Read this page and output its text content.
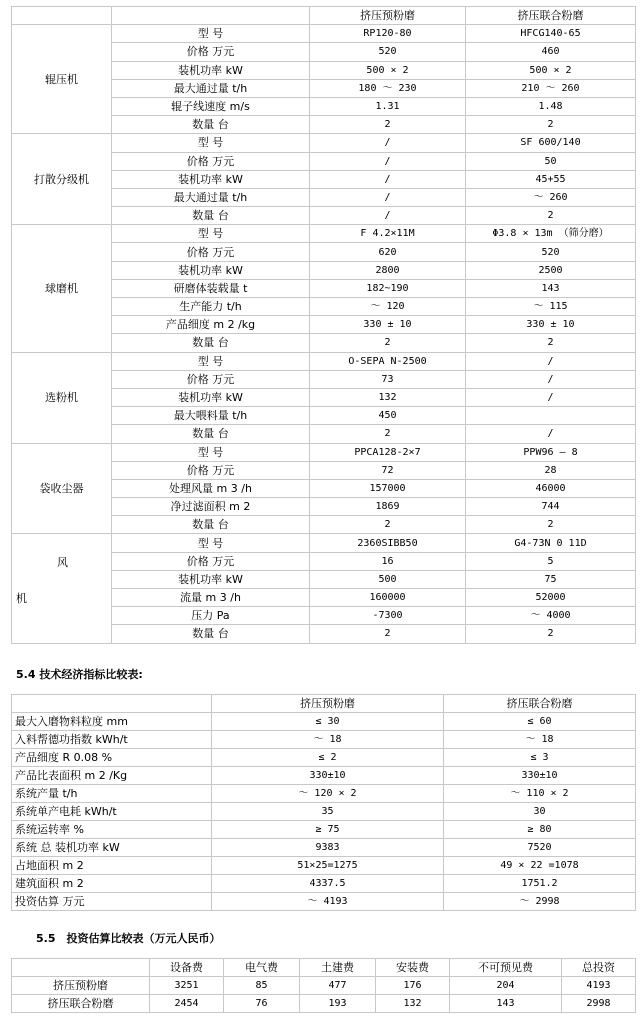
		挤压预粉磨	挤压联合粉磨
辊压机	型 号	RP120-80	HFCG140-65
	价格 万元	520	460
	装机功率 kW	500 × 2	500 × 2
	最大通过量 t/h	180 ～ 230	210 ～ 260
	辊子线速度 m/s	1.31	1.48
	数量 台	2	2
打散分级机	型 号	/	SF 600/140
	价格 万元	/	50
	装机功率 kW	/	45+55
	最大通过量 t/h	/	～ 260
	数量 台	/	2
球磨机	型 号	F 4.2×11M	Φ3.8 × 13m （筛分磨）
	价格 万元	620	520
	装机功率 kW	2800	2500
	研磨体装载量 t	182~190	143
	生产能力 t/h	～ 120	～ 115
	产品细度 m 2 /kg	330 ± 10	330 ± 10
	数量 台	2	2
选粉机	型 号	O-SEPA N-2500	/
	价格 万元	73	/
	装机功率 kW	132	/
	最大喂料量 t/h	450	
	数量 台	2	/
袋收尘器	型 号	PPCA128-2×7	PPW96 — 8
	价格 万元	72	28
	处理风量 m 3 /h	157000	46000
	净过滤面积 m 2	1869	744
	数量 台	2	2

风
机	型 号	2360SIBB50	G4-73N 0 11D
	价格 万元	16	5
	装机功率 kW	500	75
	流量 m 3 /h	160000	52000
	压力 Pa	-7300	～ 4000
	数量 台	2	2
5.4 技术经济指标比较表:
	挤压预粉磨	挤压联合粉磨
最大入磨物料粒度 mm	≤ 30	≤ 60
入料帮德功指数 kWh/t	～ 18	～ 18
产品细度 R 0.08 %	≤ 2	≤ 3
产品比表面积 m 2 /Kg	330±10	330±10
系统产量 t/h	～ 120 × 2	～ 110 × 2
系统单产电耗 kWh/t	35	30
系统运转率 %	≥ 75	≥ 80
系统 总 装机功率 kW	9383	7520
占地面积 m 2	51×25=1275	49 × 22 =1078
建筑面积 m 2	4337.5	1751.2
投资估算 万元	～ 4193	～ 2998
5.5　投资估算比较表（万元人民币）
	设备费	电气费	土建费	安装费	不可预见费	总投资
挤压预粉磨	3251	85	477	176	204	4193
挤压联合粉磨	2454	76	193	132	143	2998
